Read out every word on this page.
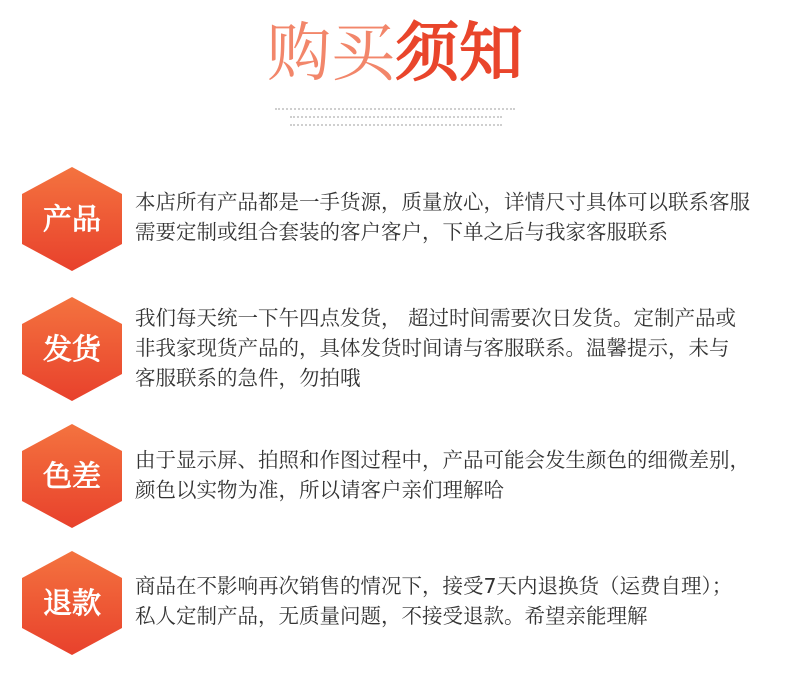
购买须知
产品	本店所有产品都是一手货源，质量放心，详情尺寸具体可以联系客服
需要定制或组合套装的客户客户，下单之后与我家客服联系
发货
我们每天统一下午四点发货， 超过时间需要次日发货。定制产品或
非我家现货产品的，具体发货时间请与客服联系。温馨提示，未与
客服联系的急件，勿拍哦
色差	由于显示屏、拍照和作图过程中，产品可能会发生颜色的细微差别，
颜色以实物为准，所以请客户亲们理解哈
退款	商品在不影响再次销售的情况下，接受7天内退换货（运费自理）；
私人定制产品，无质量问题，不接受退款。希望亲能理解
